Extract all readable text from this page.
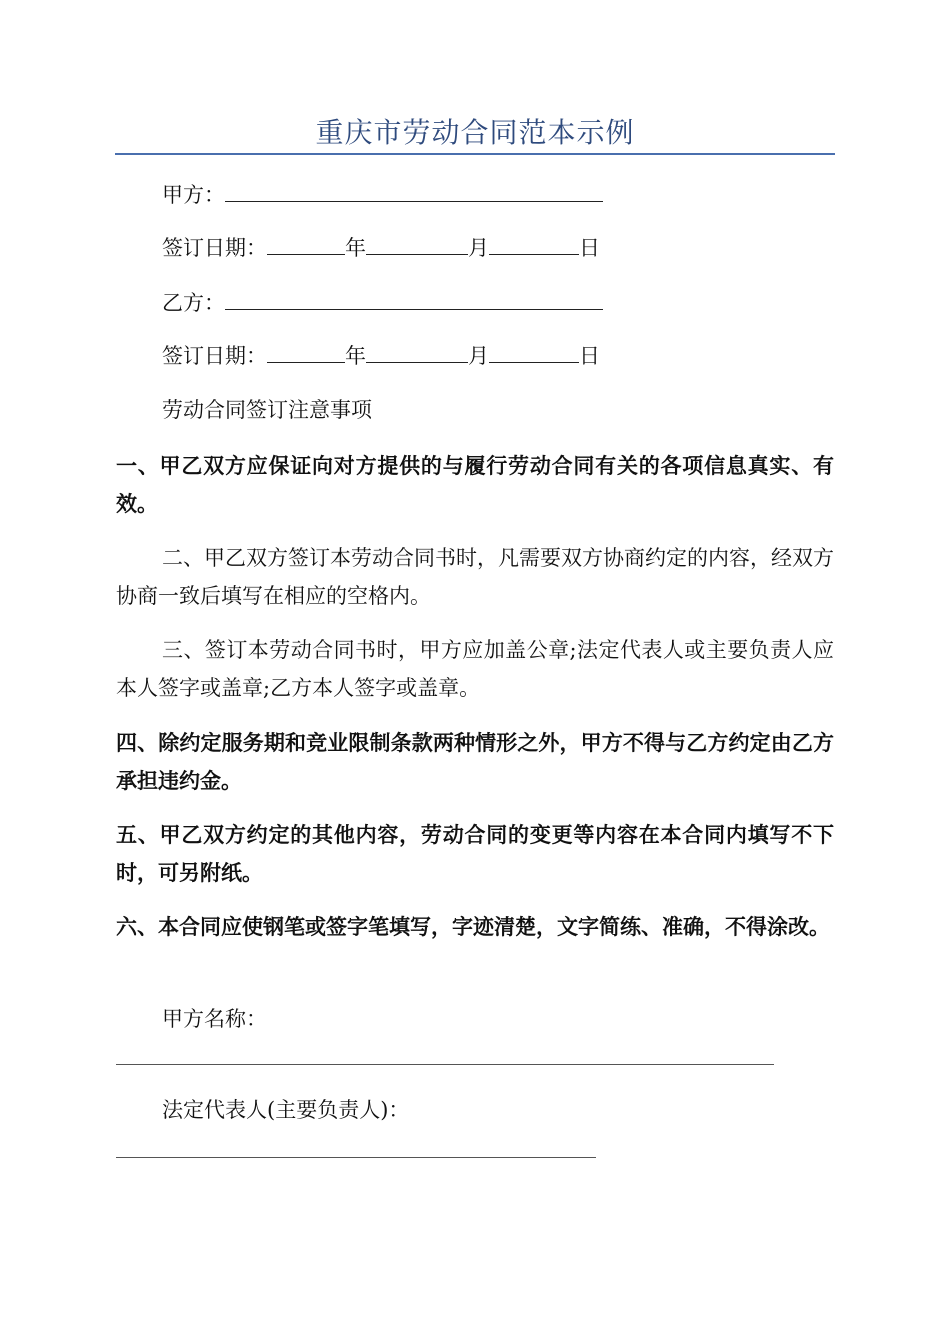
重庆市劳动合同范本示例
甲方：
签订日期：	年	月	日
乙方：
签订日期：	年	月	日
劳动合同签订注意事项
一、甲乙双方应保证向对方提供的与履行劳动合同有关的各项信息真实、有效。
二、甲乙双方签订本劳动合同书时，凡需要双方协商约定的内容，经双方协商一致后填写在相应的空格内。
三、签订本劳动合同书时，甲方应加盖公章;法定代表人或主要负责人应本人签字或盖章;乙方本人签字或盖章。
四、除约定服务期和竞业限制条款两种情形之外，甲方不得与乙方约定由乙方承担违约金。
五、甲乙双方约定的其他内容，劳动合同的变更等内容在本合同内填写不下时，可另附纸。
六、本合同应使钢笔或签字笔填写，字迹清楚，文字简练、准确，不得涂改。
甲方名称：
法定代表人(主要负责人)：
